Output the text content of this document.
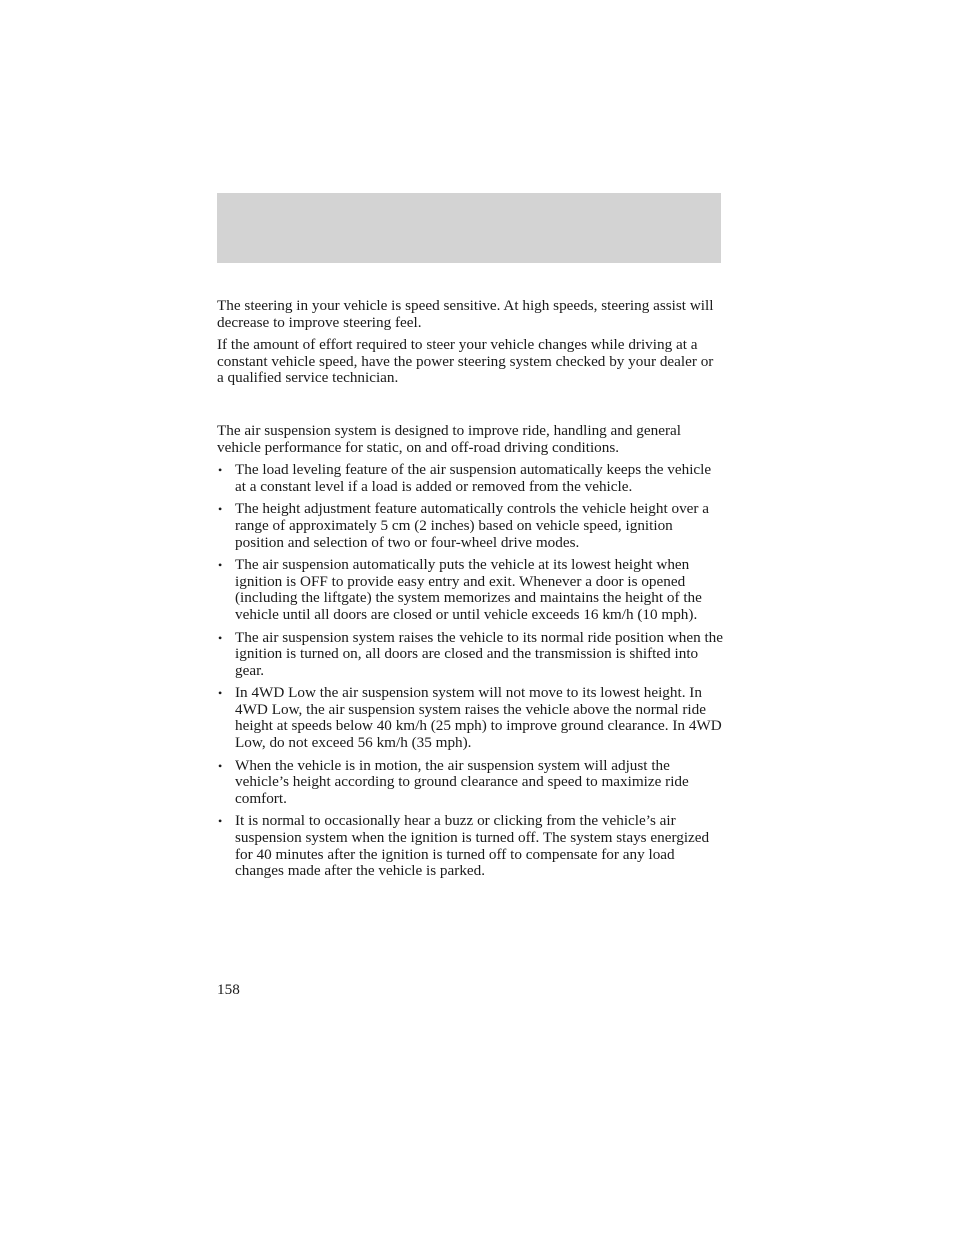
The steering in your vehicle is speed sensitive. At high speeds, steering assist will decrease to improve steering feel.

If the amount of effort required to steer your vehicle changes while driving at a constant vehicle speed, have the power steering system checked by your dealer or a qualified service technician.

The air suspension system is designed to improve ride, handling and general vehicle performance for static, on and off-road driving conditions.

• The load leveling feature of the air suspension automatically keeps the vehicle at a constant level if a load is added or removed from the vehicle.
• The height adjustment feature automatically controls the vehicle height over a range of approximately 5 cm (2 inches) based on vehicle speed, ignition position and selection of two or four-wheel drive modes.
• The air suspension automatically puts the vehicle at its lowest height when ignition is OFF to provide easy entry and exit. Whenever a door is opened (including the liftgate) the system memorizes and maintains the height of the vehicle until all doors are closed or until vehicle exceeds 16 km/h (10 mph).
• The air suspension system raises the vehicle to its normal ride position when the ignition is turned on, all doors are closed and the transmission is shifted into gear.
• In 4WD Low the air suspension system will not move to its lowest height. In 4WD Low, the air suspension system raises the vehicle above the normal ride height at speeds below 40 km/h (25 mph) to improve ground clearance. In 4WD Low, do not exceed 56 km/h (35 mph).
• When the vehicle is in motion, the air suspension system will adjust the vehicle’s height according to ground clearance and speed to maximize ride comfort.
• It is normal to occasionally hear a buzz or clicking from the vehicle’s air suspension system when the ignition is turned off. The system stays energized for 40 minutes after the ignition is turned off to compensate for any load changes made after the vehicle is parked.
158
